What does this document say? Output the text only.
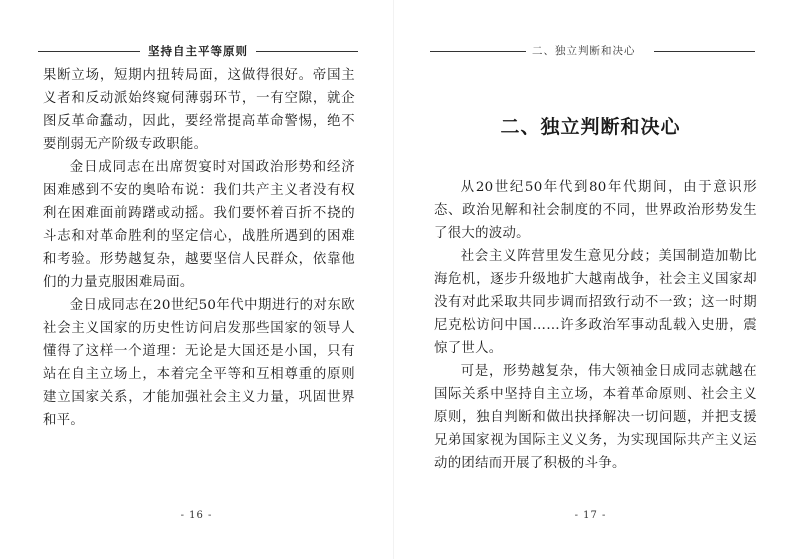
坚持自主平等原则

果断立场，短期内扭转局面，这做得很好。帝国主义者和反动派始终窥伺薄弱环节，一有空隙，就企图反革命蠢动，因此，要经常提高革命警惕，绝不要削弱无产阶级专政职能。

金日成同志在出席贺宴时对国政治形势和经济困难感到不安的奥哈布说：我们共产主义者没有权利在困难面前踌躇或动摇。我们要怀着百折不挠的斗志和对革命胜利的坚定信心，战胜所遇到的困难和考验。形势越复杂，越要坚信人民群众，依靠他们的力量克服困难局面。

金日成同志在20世纪50年代中期进行的对东欧社会主义国家的历史性访问启发那些国家的领导人懂得了这样一个道理：无论是大国还是小国，只有站在自主立场上，本着完全平等和互相尊重的原则建立国家关系，才能加强社会主义力量，巩固世界和平。

- 16 -
二、独立判断和决心
二、独立判断和决心

从20世纪50年代到80年代期间，由于意识形态、政治见解和社会制度的不同，世界政治形势发生了很大的波动。

社会主义阵营里发生意见分歧；美国制造加勒比海危机，逐步升级地扩大越南战争，社会主义国家却没有对此采取共同步调而招致行动不一致；这一时期尼克松访问中国……许多政治军事动乱载入史册，震惊了世人。

可是，形势越复杂，伟大领袖金日成同志就越在国际关系中坚持自主立场，本着革命原则、社会主义原则，独自判断和做出抉择解决一切问题，并把支援兄弟国家视为国际主义义务，为实现国际共产主义运动的团结而开展了积极的斗争。

- 17 -
